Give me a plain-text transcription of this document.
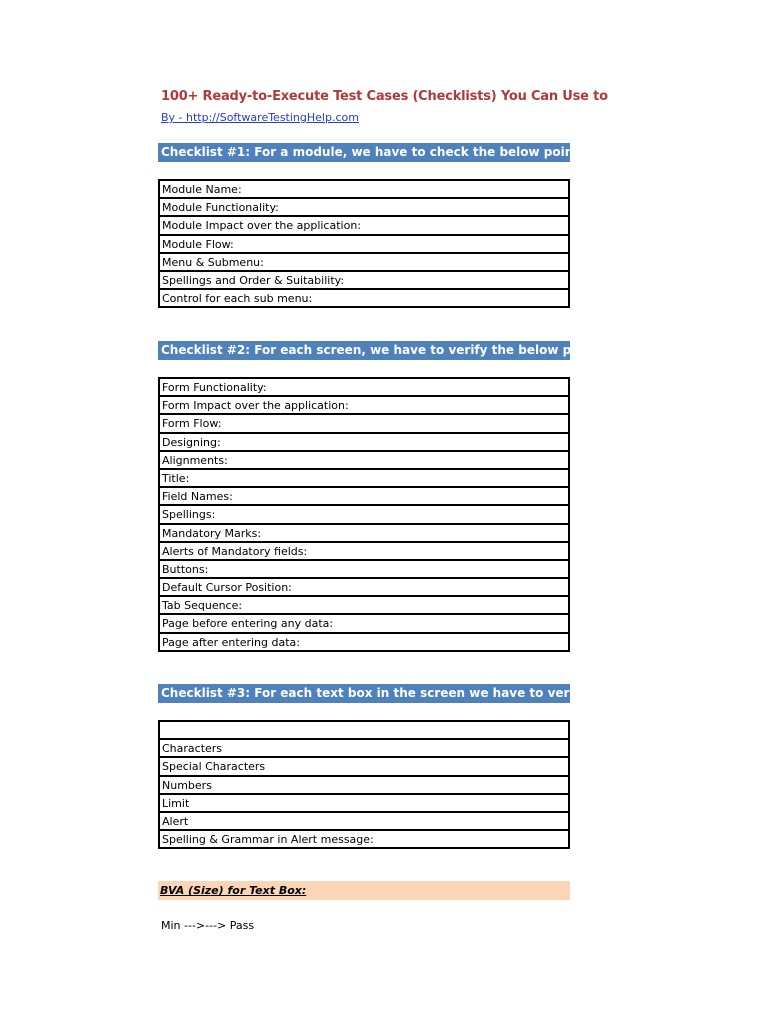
100+ Ready-to-Execute Test Cases (Checklists) You Can Use to
By - http://SoftwareTestingHelp.com
Checklist #1: For a module, we have to check the below points
Module Name:
Module Functionality:
Module Impact over the application:
Module Flow:
Menu & Submenu:
Spellings and Order & Suitability:
Control for each sub menu:
Checklist #2: For each screen, we have to verify the below points
Form Functionality:
Form Impact over the application:
Form Flow:
Designing:
Alignments:
Title:
Field Names:
Spellings:
Mandatory Marks:
Alerts of Mandatory fields:
Buttons:
Default Cursor Position:
Tab Sequence:
Page before entering any data:
Page after entering data:
Checklist #3: For each text box in the screen we have to verify the below
Characters
Special Characters
Numbers
Limit
Alert
Spelling & Grammar in Alert message:
BVA (Size) for Text Box:
Min --->---> Pass
